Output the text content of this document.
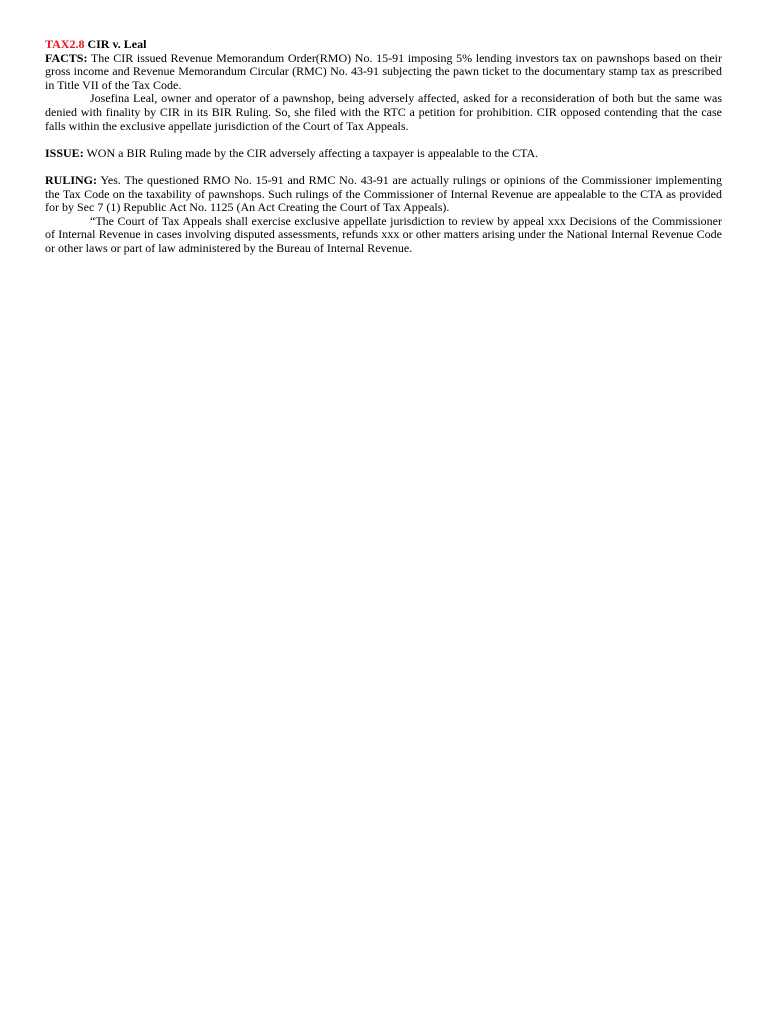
TAX2.8 CIR v. Leal

FACTS: The CIR issued Revenue Memorandum Order(RMO) No. 15-91 imposing 5% lending investors tax on pawnshops based on their gross income and Revenue Memorandum Circular (RMC) No. 43-91 subjecting the pawn ticket to the documentary stamp tax as prescribed in Title VII of the Tax Code.

Josefina Leal, owner and operator of a pawnshop, being adversely affected, asked for a reconsideration of both but the same was denied with finality by CIR in its BIR Ruling. So, she filed with the RTC a petition for prohibition. CIR opposed contending that the case falls within the exclusive appellate jurisdiction of the Court of Tax Appeals.

ISSUE: WON a BIR Ruling made by the CIR adversely affecting a taxpayer is appealable to the CTA.

RULING: Yes. The questioned RMO No. 15-91 and RMC No. 43-91 are actually rulings or opinions of the Commissioner implementing the Tax Code on the taxability of pawnshops. Such rulings of the Commissioner of Internal Revenue are appealable to the CTA as provided for by Sec 7 (1) Republic Act No. 1125 (An Act Creating the Court of Tax Appeals).

“The Court of Tax Appeals shall exercise exclusive appellate jurisdiction to review by appeal xxx Decisions of the Commissioner of Internal Revenue in cases involving disputed assessments, refunds xxx or other matters arising under the National Internal Revenue Code or other laws or part of law administered by the Bureau of Internal Revenue.
